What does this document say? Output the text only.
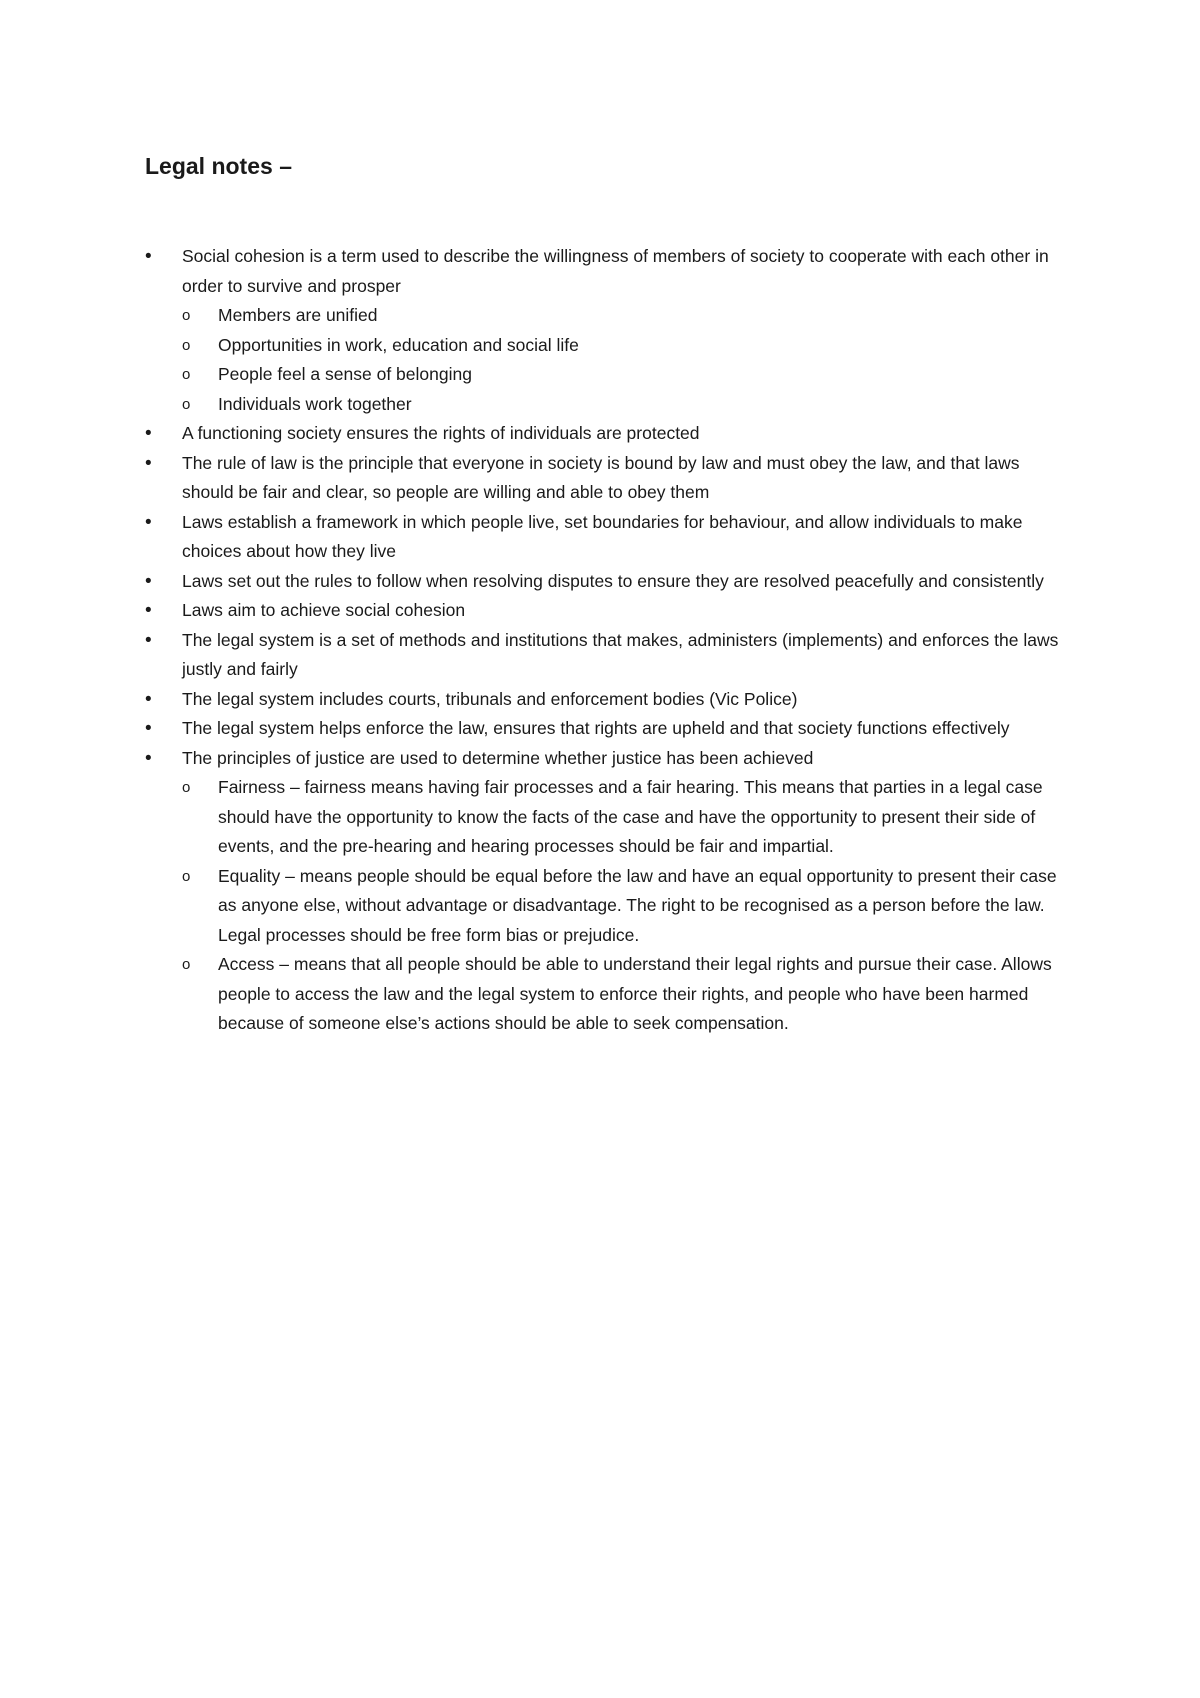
Legal notes –
• Social cohesion is a term used to describe the willingness of members of society to cooperate with each other in order to survive and prosper
o Members are unified
o Opportunities in work, education and social life
o People feel a sense of belonging
o Individuals work together
• A functioning society ensures the rights of individuals are protected
• The rule of law is the principle that everyone in society is bound by law and must obey the law, and that laws should be fair and clear, so people are willing and able to obey them
• Laws establish a framework in which people live, set boundaries for behaviour, and allow individuals to make choices about how they live
• Laws set out the rules to follow when resolving disputes to ensure they are resolved peacefully and consistently
• Laws aim to achieve social cohesion
• The legal system is a set of methods and institutions that makes, administers (implements) and enforces the laws justly and fairly
• The legal system includes courts, tribunals and enforcement bodies (Vic Police)
• The legal system helps enforce the law, ensures that rights are upheld and that society functions effectively
• The principles of justice are used to determine whether justice has been achieved
o Fairness – fairness means having fair processes and a fair hearing. This means that parties in a legal case should have the opportunity to know the facts of the case and have the opportunity to present their side of events, and the pre-hearing and hearing processes should be fair and impartial.
o Equality – means people should be equal before the law and have an equal opportunity to present their case as anyone else, without advantage or disadvantage. The right to be recognised as a person before the law. Legal processes should be free form bias or prejudice.
o Access – means that all people should be able to understand their legal rights and pursue their case. Allows people to access the law and the legal system to enforce their rights, and people who have been harmed because of someone else’s actions should be able to seek compensation.
